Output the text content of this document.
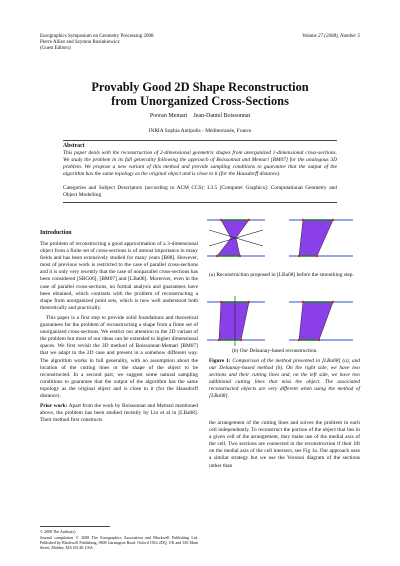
Eurographics Symposium on Geometry Processing 2008
Pierre Alliez and Szymon Rusinkiewicz
(Guest Editors)
Volume 27 (2008), Number 5
Provably Good 2D Shape Reconstruction
from Unorganized Cross-Sections
Pooran Memari    Jean-Daniel Boissonnat
INRIA Sophia Antipolis - Méditerranée, France
Abstract
This paper deals with the reconstruction of 2-dimensional geometric shapes from unorganized 1-dimensional cross-sections. We study the problem in its full generality following the approach of Boissonnat and Memari [BM07] for the analogous 3D problem. We propose a new variant of this method and provide sampling conditions to guarantee that the output of the algorithm has the same topology as the original object and is close to it (for the Hausdorff distance).
Categories and Subject Descriptors (according to ACM CCS): I.3.5 [Computer Graphics]: Computational Geometry and Object Modelling
Introduction

The problem of reconstructing a good approximation of a 3-dimensional object from a finite set of cross-sections is of utmost importance in many fields and has been extensively studied for many years [B88]. However, most of previous work is restricted to the case of parallel cross-sections and it is only very recently that the case of nonparallel cross-sections has been considered [SBG06], [BM07] and [LBa08]. Moreover, even in the case of parallel cross-sections, no formal analysis and guarantees have been obtained, which contrasts with the problem of reconstructing a shape from unorganized point sets, which is now well understood both theoretically and practically.

This paper is a first step to provide solid foundations and theoretical guarantees for the problem of reconstructing a shape from a finite set of unorganized cross-sections. We restrict our attention to the 2D variant of the problem but most of our ideas can be extended to higher dimensional spaces. We first revisit the 3D method of Boissonnat-Memari [BM07] that we adapt to the 2D case and present in a somehow different way. The algorithm works in full generality, with no assumption about the location of the cutting lines or the shape of the object to be reconstructed. In a second part, we suggest some natural sampling conditions to guarantee that the output of the algorithm has the same topology as the original object and is close to it (for the Hausdorff distance).

Prior work: Apart from the work by Boissonnat and Memari mentioned above, the problem has been studied recently by Liu et al in [LBa08]. Their method first constructs

© 2008 The Author(s)
Journal compilation © 2008 The Eurographics Association and Blackwell Publishing Ltd. Published by Blackwell Publishing, 9600 Garsington Road, Oxford OX4 2DQ, UK and 350 Main Street, Malden, MA 02148, USA.
(a) Reconstruction proposed in [LBa08] before the smoothing step.
(b) Our Delaunay-based reconstruction.
Figure 1: Comparison of the method presented in [LBa08] (a), and our Delaunay-based method (b). On the right side, we have two sections and their cutting lines and, on the left side, we have two additional cutting lines that miss the object. The associated reconstructed objects are very different when using the method of [LBa08].
the arrangement of the cutting lines and solves the problem in each cell independently. To reconstruct the portion of the object that lies in a given cell of the arrangement, they make use of the medial axis of the cell. Two sections are connected in the reconstruction if their lift on the medial axis of the cell intersect, see Fig 1a. Our approach uses a similar strategy but we use the Voronoi diagram of the sections rather than
